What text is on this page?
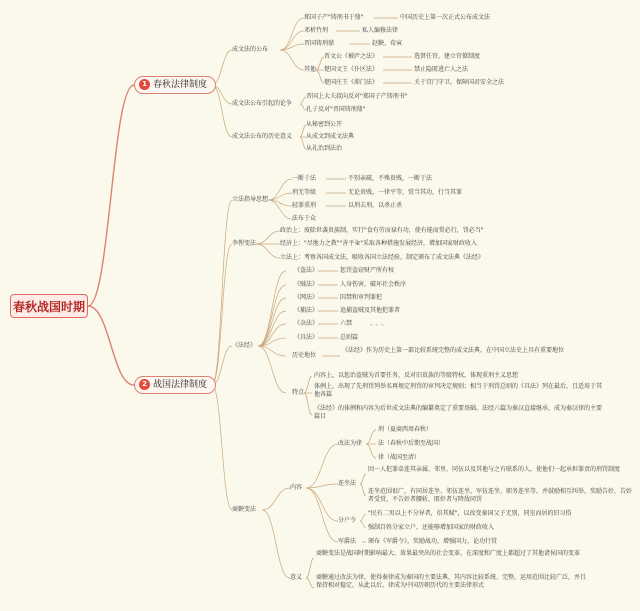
春秋战国时期
1 春秋法律制度
2 战国法律制度
成文法的公布
郑国子产"铸刑书于鼎"	中国历史上第一次正式公布成文法
邓析竹刑	私人编修法律
晋国铸刑鼎	赵鞅、荀寅
其他
晋文公《被庐之法》	选贤任官，建立官僚制度
楚国文王《仆区法》	禁止隐匿逃亡人之法
楚国庄王《茆门法》	关于宫门守卫，保障国君安全之法
成文法公布引起的论争
晋国上大夫叔向反对"郑国子产铸刑书"
孔子反对"晋国铸刑鼎"
成文法公布的历史意义
从秘密到公开
从成文到成文法典
从礼治到法治
立法指导思想
一断于法	不别亲疏，不殊贵贱，一断于法
刑无等级	无论贵贱，一律平等，赏当其功，行当其罪
轻罪重刑	以刑去刑，以杀止杀
法布于众
李悝变法
政治上：废除世袭贵族制，实行"食有劳而禄有功，使有能而赏必行，罚必当"
经济上："尽地力之教""善平籴"采取各种措施发展经济，增加国家财政收入
立法上：考察各国成文法，吸收各国立法经验，制定颁布了成文法典《法经》
《法经》
《盗法》	惩罚盗窃财产所有权
《贼法》	人身伤害，破坏社会秩序
《网法》	囚禁和审判罪犯
《捕法》	追捕盗贼及其他犯罪者
《杂法》	六禁	。。。
《具法》	总则篇
历史地位
《法经》作为历史上第一部比较系统完整的成文法典，在中国立法史上具有重要地位
特点
内容上，以惩治盗贼为首要任务，反对旧贵族的等级特权，体现重刑主义思想
体例上，出现了先刑罚列举名再规定刑罚的审判决定规则；相当于刑罚总则的《具法》列在最后，且适用于其他各篇
《法经》的体例和内容为后世成文法典的编纂奠定了重要基础。法经六篇为秦汉直接继承，成为秦汉律的主要篇目
商鞅变法
内容
改法为律
刑（夏商西周春秋）
法（春秋中后期至战国）
律（战国至清）
连坐法
因一人犯罪牵连其亲属、邻里、同伍以及其他与之有联系的人，使他们一起承担罪责的刑罚制度
连坐范围很广，有同居连坐、邻伍连坐、军伍连坐、职务连坐等，并鼓励相互纠举，奖励告奸，告奸者受赏，不告奸者腰斩，匿奸者与降敌同罚
分户令
"民有二男以上不分异者，倍其赋"，以改变秦国父子无别，同室而居的旧习俗
强制百姓分家立户，还能够增加国家的财政收入
军爵法 颁布《军爵令》，奖励战功，增强国力，论功行赏
意义
商鞅变法是战国时期影响最大、效果最突出的社会变革，在深度和广度上都超过了其他诸侯国的变革
商鞅通过改法为律，使得秦律成为秦国的主要法典，其内容比较系统、完整，运用范围比较广泛，并且保持相对稳定，从此以后，律成为中国历朝历代的主要法律形式
